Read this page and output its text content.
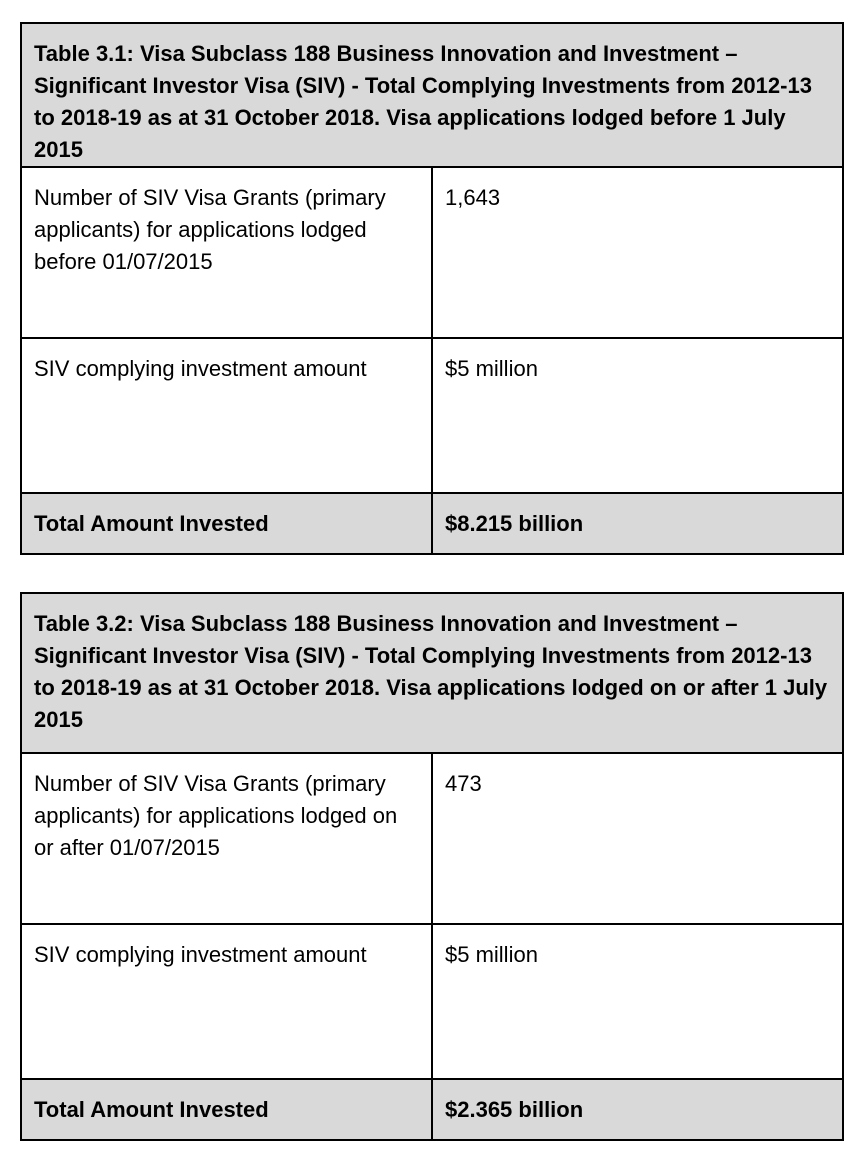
Table 3.1: Visa Subclass 188 Business Innovation and Investment – Significant Investor Visa (SIV) - Total Complying Investments from 2012-13 to 2018-19 as at 31 October 2018. Visa applications lodged before 1 July 2015	
Number of SIV Visa Grants (primary applicants) for applications lodged before 01/07/2015	1,643
SIV complying investment amount	$5 million
Total Amount Invested	$8.215 billion
Table 3.2: Visa Subclass 188 Business Innovation and Investment – Significant Investor Visa (SIV) - Total Complying Investments from 2012-13 to 2018-19 as at 31 October 2018. Visa applications lodged on or after 1 July 2015	
Number of SIV Visa Grants (primary applicants) for applications lodged on or after 01/07/2015	473
SIV complying investment amount	$5 million
Total Amount Invested	$2.365 billion
